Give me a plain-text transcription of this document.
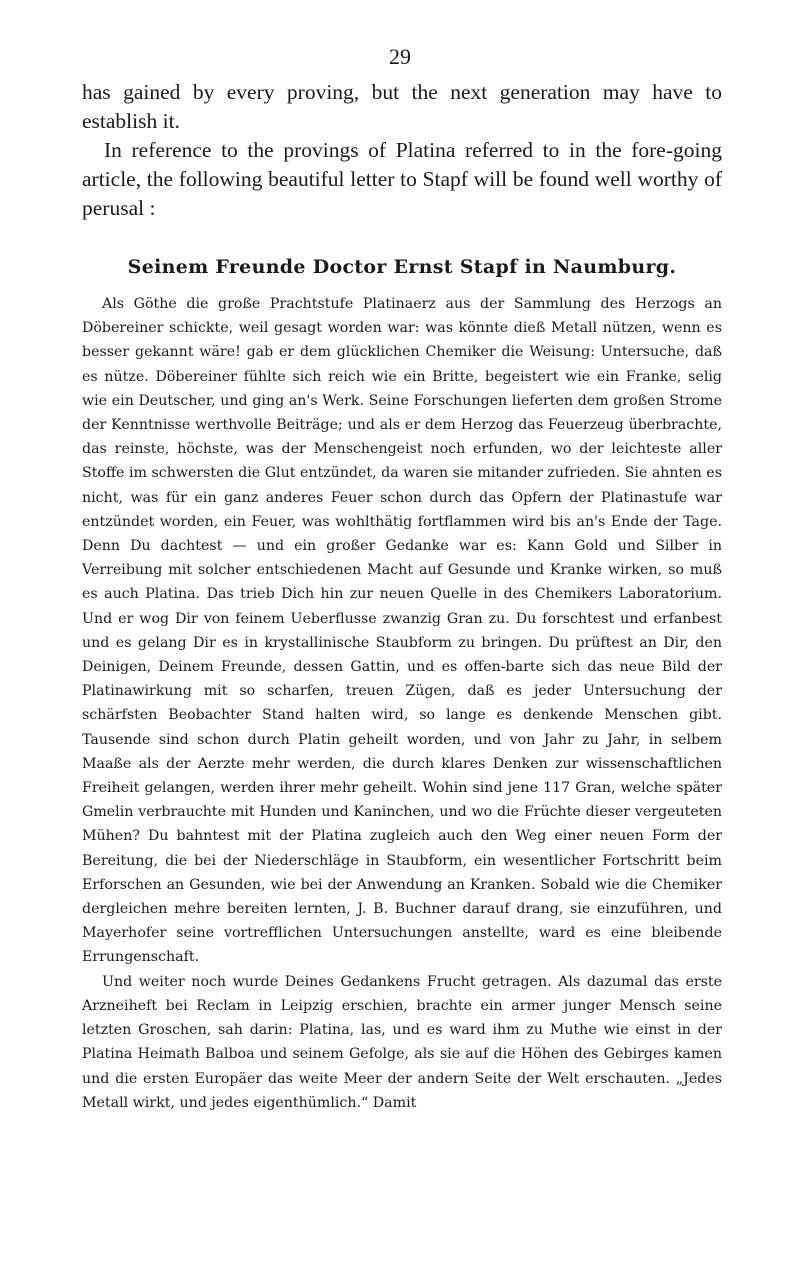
29

has gained by every proving, but the next generation may have to establish it.

In reference to the provings of Platina referred to in the fore-going article, the following beautiful letter to Stapf will be found well worthy of perusal :

Seinem Freunde Doctor Ernst Stapf in Naumburg.

Als Göthe die große Prachtstufe Platinaerz aus der Sammlung des Herzogs an Döbereiner schickte, weil gesagt worden war: was könnte dieß Metall nützen, wenn es besser gekannt wäre! gab er dem glücklichen Chemiker die Weisung: Untersuche, daß es nütze. Döbereiner fühlte sich reich wie ein Britte, begeistert wie ein Franke, selig wie ein Deutscher, und ging an's Werk. Seine Forschungen lieferten dem großen Strome der Kenntnisse werthvolle Beiträge; und als er dem Herzog das Feuerzeug überbrachte, das reinste, höchste, was der Menschengeist noch erfunden, wo der leichteste aller Stoffe im schwersten die Glut entzündet, da waren sie mitander zufrieden. Sie ahnten es nicht, was für ein ganz anderes Feuer schon durch das Opfern der Platinastufe war entzündet worden, ein Feuer, was wohlthätig fortflammen wird bis an's Ende der Tage. Denn Du dachtest — und ein großer Gedanke war es: Kann Gold und Silber in Verreibung mit solcher entschiedenen Macht auf Gesunde und Kranke wirken, so muß es auch Platina. Das trieb Dich hin zur neuen Quelle in des Chemikers Laboratorium. Und er wog Dir von feinem Ueberflusse zwanzig Gran zu. Du forschtest und erfanbest und es gelang Dir es in krystallinische Staubform zu bringen. Du prüftest an Dir, den Deinigen, Deinem Freunde, dessen Gattin, und es offen-barte sich das neue Bild der Platinawirkung mit so scharfen, treuen Zügen, daß es jeder Untersuchung der schärfsten Beobachter Stand halten wird, so lange es denkende Menschen gibt. Tausende sind schon durch Platin geheilt worden, und von Jahr zu Jahr, in selbem Maaße als der Aerzte mehr werden, die durch klares Denken zur wissenschaftlichen Freiheit gelangen, werden ihrer mehr geheilt. Wohin sind jene 117 Gran, welche später Gmelin verbrauchte mit Hunden und Kaninchen, und wo die Früchte dieser vergeuteten Mühen? Du bahntest mit der Platina zugleich auch den Weg einer neuen Form der Bereitung, die bei der Niederschläge in Staubform, ein wesentlicher Fortschritt beim Erforschen an Gesunden, wie bei der Anwendung an Kranken. Sobald wie die Chemiker dergleichen mehre bereiten lernten, J. B. Buchner darauf drang, sie einzuführen, und Mayerhofer seine vortrefflichen Untersuchungen anstellte, ward es eine bleibende Errungenschaft.

Und weiter noch wurde Deines Gedankens Frucht getragen. Als dazumal das erste Arzneiheft bei Reclam in Leipzig erschien, brachte ein armer junger Mensch seine letzten Groschen, sah darin: Platina, las, und es ward ihm zu Muthe wie einst in der Platina Heimath Balboa und seinem Gefolge, als sie auf die Höhen des Gebirges kamen und die ersten Europäer das weite Meer der andern Seite der Welt erschauten. „Jedes Metall wirkt, und jedes eigenthümlich.“ Damit
